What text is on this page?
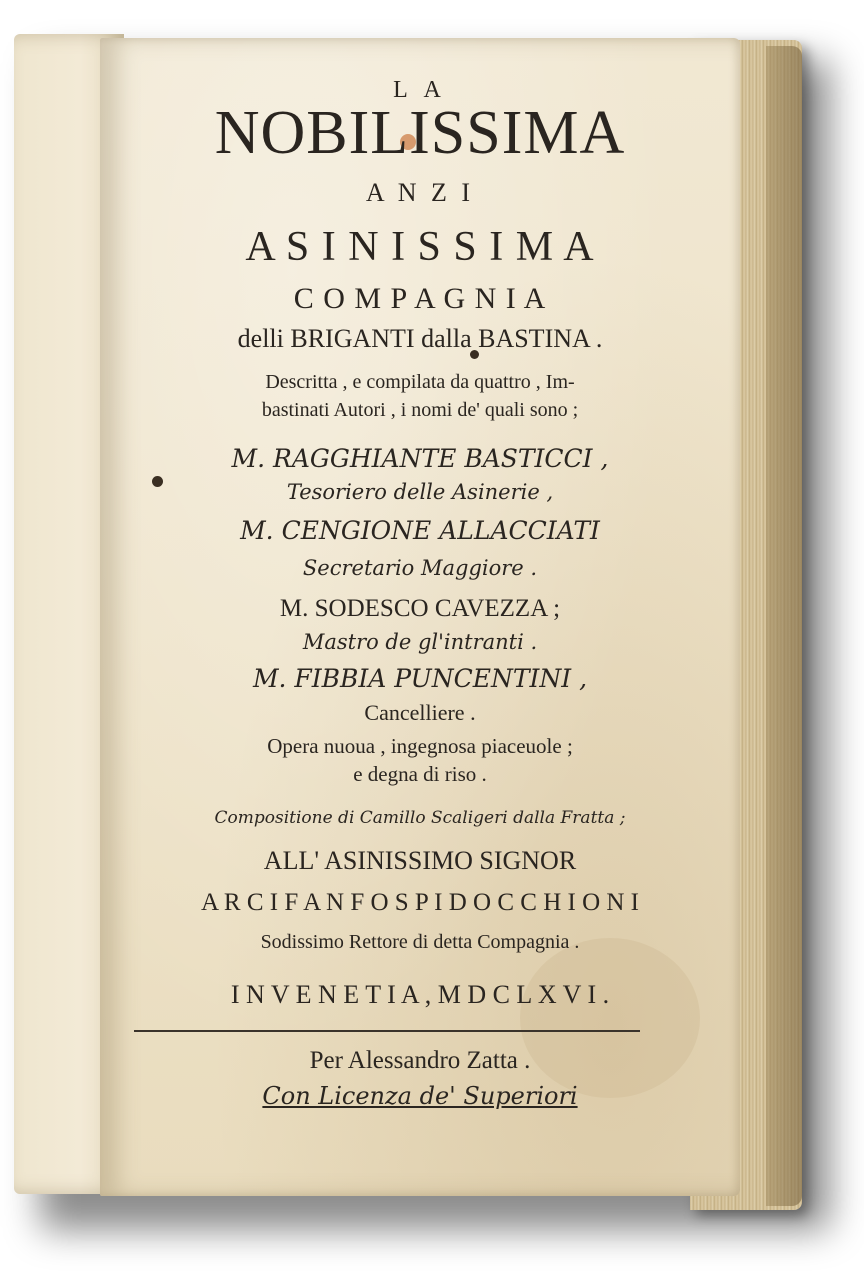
L A
NOBILISSIMA
A N Z I
A S I N I S S I M A
C O M P A G N I A
delli BRIGANTI dalla BASTINA .
Descritta , e compilata da quattro , Im-
bastinati Autori , i nomi de' quali sono ;
M. RAGGHIANTE BASTICCI ,
Tesoriero delle Asinerie ,
M. CENGIONE ALLACCIATI
Secretario Maggiore .
M. SODESCO CAVEZZA ;
Mastro de gl'intranti .
M. FIBBIA PUNCENTINI ,
Cancelliere .
Opera nuoua , ingegnosa piaceuole ;
e degna di riso .
Compositione di Camillo Scaligeri dalla Fratta ;
ALL' ASINISSIMO SIGNOR
A R C I F A N F O S P I D O C C H I O N I
Sodissimo Rettore di detta Compagnia .
I N V E N E T I A , M D C L X V I .
Per Alessandro Zatta .
Con Licenza de' Superiori
